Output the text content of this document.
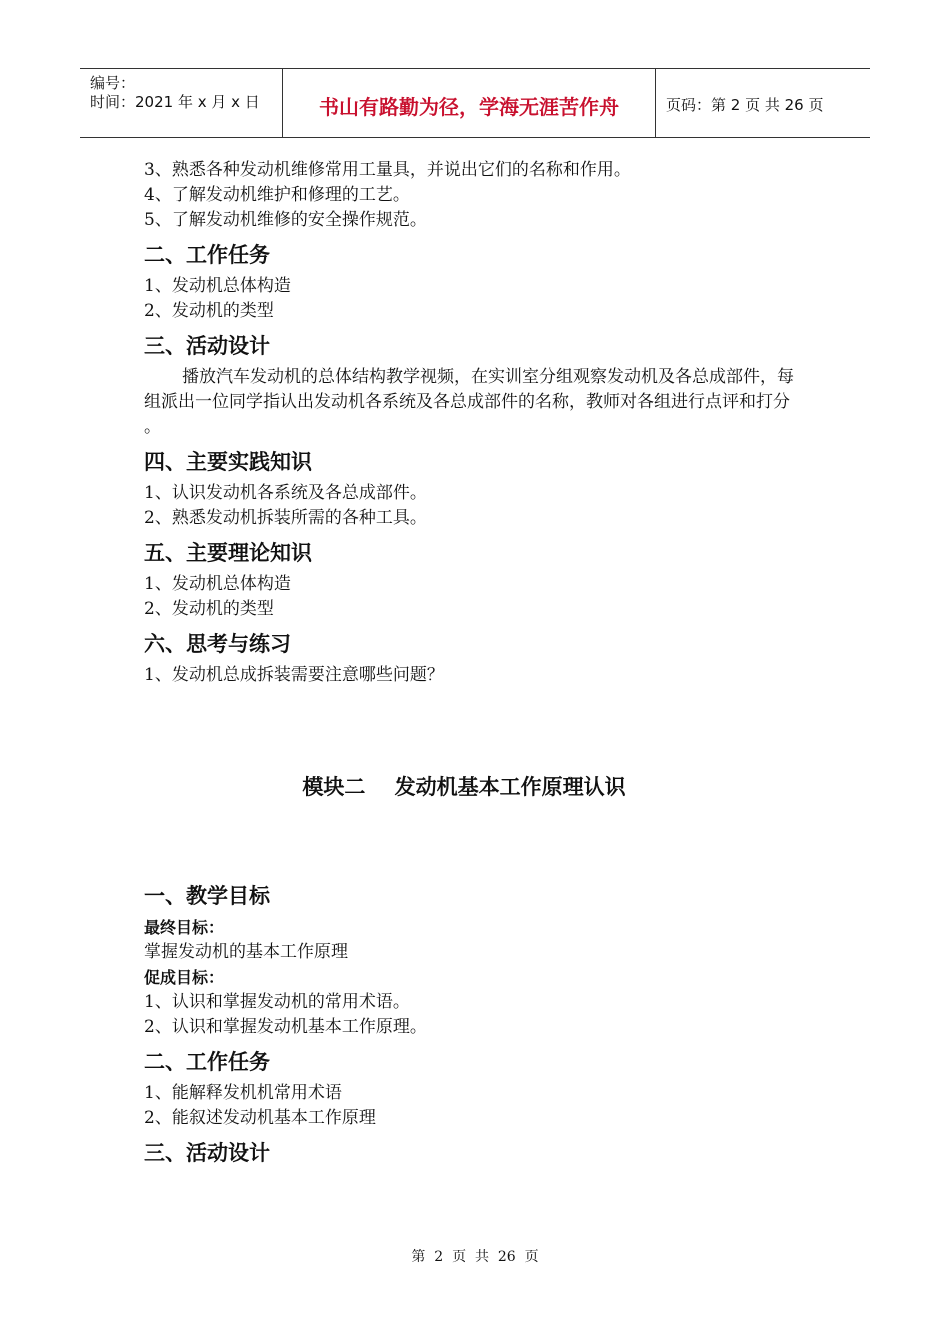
编号：
时间：2021 年 x 月 x 日	书山有路勤为径，学海无涯苦作舟	页码：第 2 页 共 26 页
3、熟悉各种发动机维修常用工量具，并说出它们的名称和作用。
4、了解发动机维护和修理的工艺。
5、了解发动机维修的安全操作规范。
二、工作任务
1、发动机总体构造
2、发动机的类型
三、活动设计
播放汽车发动机的总体结构教学视频，在实训室分组观察发动机及各总成部件，每组派出一位同学指认出发动机各系统及各总成部件的名称，教师对各组进行点评和打分 。
四、主要实践知识
1、认识发动机各系统及各总成部件。
2、熟悉发动机拆装所需的各种工具。
五、主要理论知识
1、发动机总体构造
2、发动机的类型
六、思考与练习
1、发动机总成拆装需要注意哪些问题？
模块二    发动机基本工作原理认识
一、教学目标
最终目标：
掌握发动机的基本工作原理
促成目标：
1、认识和掌握发动机的常用术语。
2、认识和掌握发动机基本工作原理。
二、工作任务
1、能解释发机机常用术语
2、能叙述发动机基本工作原理
三、活动设计
第  2  页  共  26  页
